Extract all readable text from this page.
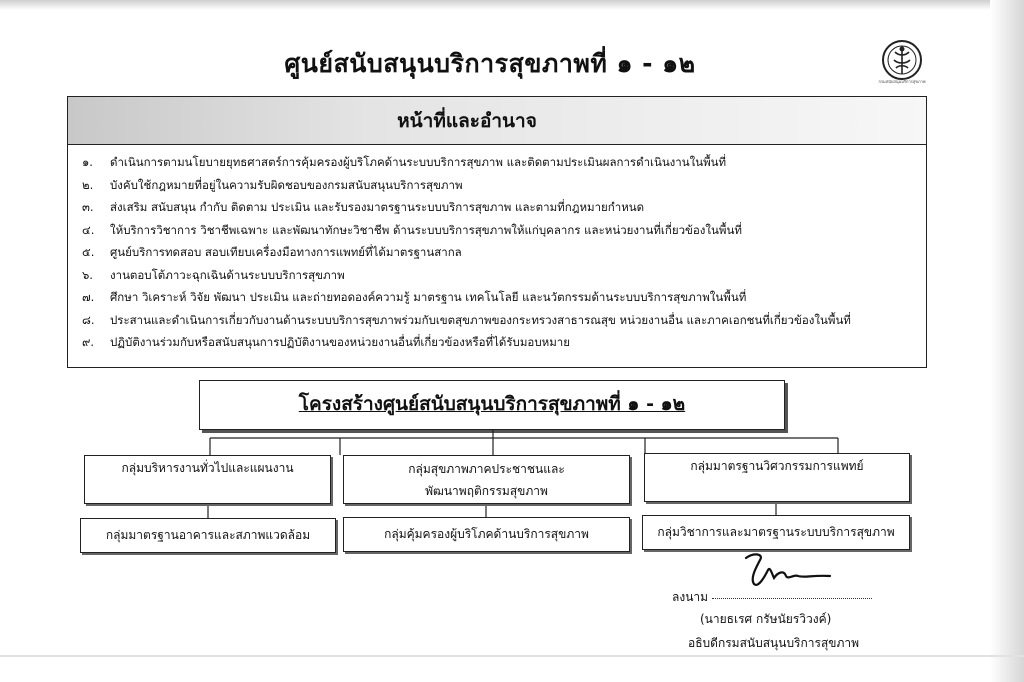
ศูนย์สนับสนุนบริการสุขภาพที่ ๑ - ๑๒
กรมสนับสนุนบริการสุขภาพ
หน้าที่และอำนาจ
๑.	ดำเนินการตามนโยบายยุทธศาสตร์การคุ้มครองผู้บริโภคด้านระบบบริการสุขภาพ และติดตามประเมินผลการดำเนินงานในพื้นที่
๒.	บังคับใช้กฎหมายที่อยู่ในความรับผิดชอบของกรมสนับสนุนบริการสุขภาพ
๓.	ส่งเสริม สนับสนุน กำกับ ติดตาม ประเมิน และรับรองมาตรฐานระบบบริการสุขภาพ และตามที่กฎหมายกำหนด
๔.	ให้บริการวิชาการ วิชาชีพเฉพาะ และพัฒนาทักษะวิชาชีพ ด้านระบบบริการสุขภาพให้แก่บุคลากร และหน่วยงานที่เกี่ยวข้องในพื้นที่
๕.	ศูนย์บริการทดสอบ สอบเทียบเครื่องมือทางการแพทย์ที่ได้มาตรฐานสากล
๖.	งานตอบโต้ภาวะฉุกเฉินด้านระบบบริการสุขภาพ
๗.	ศึกษา วิเคราะห์ วิจัย พัฒนา ประเมิน และถ่ายทอดองค์ความรู้ มาตรฐาน เทคโนโลยี และนวัตกรรมด้านระบบบริการสุขภาพในพื้นที่
๘.	ประสานและดำเนินการเกี่ยวกับงานด้านระบบบริการสุขภาพร่วมกับเขตสุขภาพของกระทรวงสาธารณสุข หน่วยงานอื่น และภาคเอกชนที่เกี่ยวข้องในพื้นที่
๙.	ปฏิบัติงานร่วมกับหรือสนับสนุนการปฏิบัติงานของหน่วยงานอื่นที่เกี่ยวข้องหรือที่ได้รับมอบหมาย
โครงสร้างศูนย์สนับสนุนบริการสุขภาพที่ ๑ - ๑๒
กลุ่มบริหารงานทั่วไปและแผนงาน	กลุ่มสุขภาพภาคประชาชนและ
พัฒนาพฤติกรรมสุขภาพ
กลุ่มมาตรฐานวิศวกรรมการแพทย์
กลุ่มมาตรฐานอาคารและสภาพแวดล้อม	กลุ่มคุ้มครองผู้บริโภคด้านบริการสุขภาพ	กลุ่มวิชาการและมาตรฐานระบบบริการสุขภาพ
ลงนาม
(นายธเรศ กรัษนัยรวิวงค์)
อธิบดีกรมสนับสนุนบริการสุขภาพ
